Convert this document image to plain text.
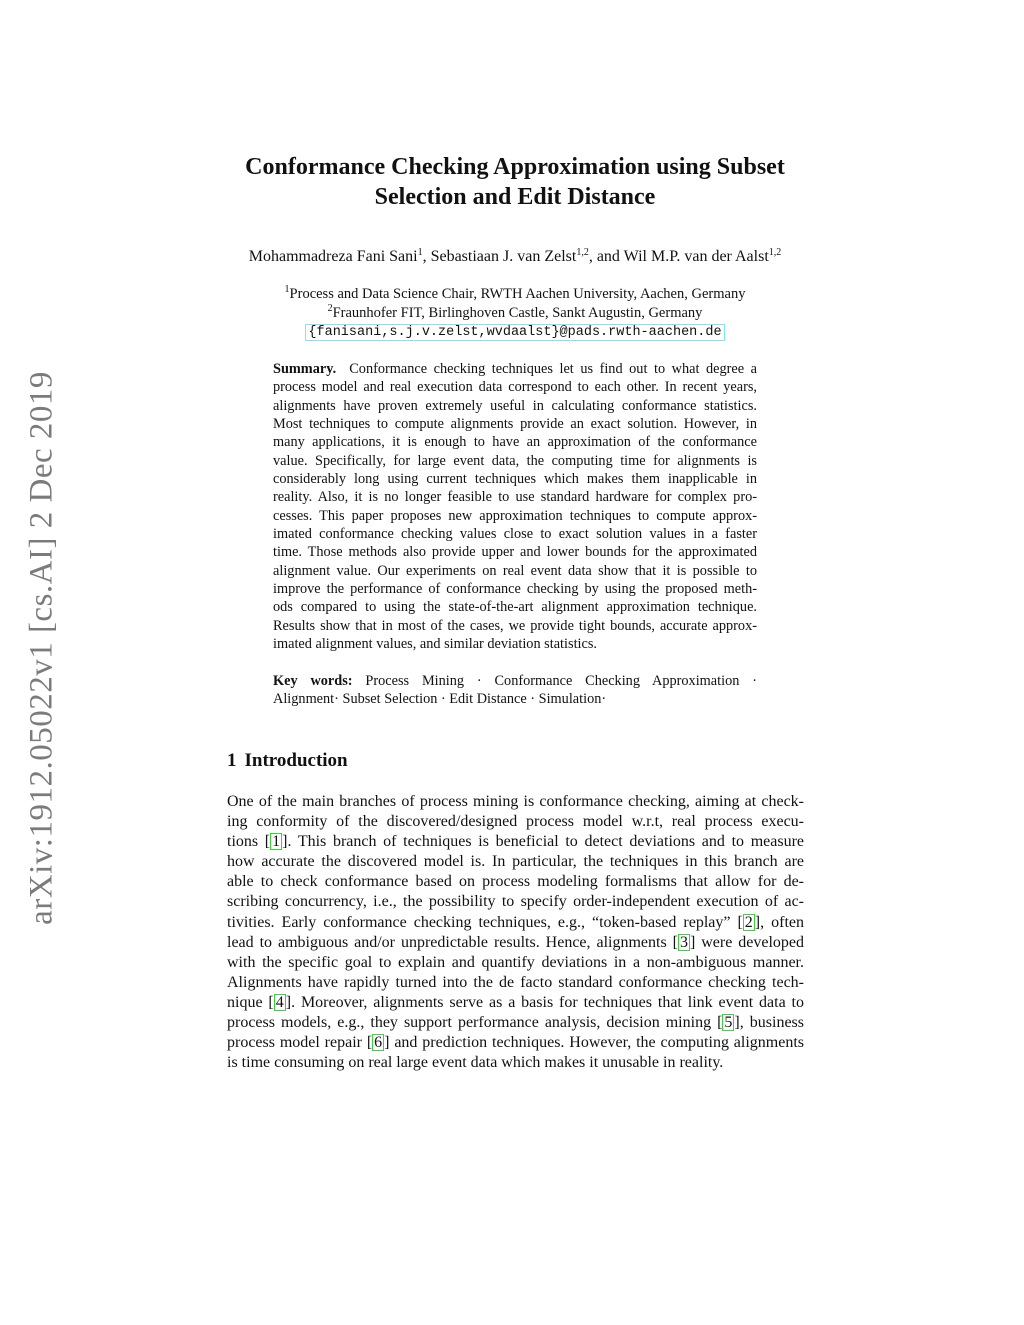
arXiv:1912.05022v1 [cs.AI] 2 Dec 2019
Conformance Checking Approximation using Subset
Selection and Edit Distance
Mohammadreza Fani Sani$^1$, Sebastiaan J. van Zelst$^{1,2}$, and Wil M.P. van der Aalst$^{1,2}$
$^1$Process and Data Science Chair, RWTH Aachen University, Aachen, Germany
$^2$Fraunhofer FIT, Birlinghoven Castle, Sankt Augustin, Germany
{fanisani,s.j.v.zelst,wvdaalst}@pads.rwth-aachen.de
Summary. Conformance checking techniques let us find out to what degree a
process model and real execution data correspond to each other. In recent years,
alignments have proven extremely useful in calculating conformance statistics.
Most techniques to compute alignments provide an exact solution. However, in
many applications, it is enough to have an approximation of the conformance
value. Specifically, for large event data, the computing time for alignments is
considerably long using current techniques which makes them inapplicable in
reality. Also, it is no longer feasible to use standard hardware for complex pro-
cesses. This paper proposes new approximation techniques to compute approx-
imated conformance checking values close to exact solution values in a faster
time. Those methods also provide upper and lower bounds for the approximated
alignment value. Our experiments on real event data show that it is possible to
improve the performance of conformance checking by using the proposed meth-
ods compared to using the state-of-the-art alignment approximation technique.
Results show that in most of the cases, we provide tight bounds, accurate approx-
imated alignment values, and similar deviation statistics.
Key words: Process Mining · Conformance Checking Approximation ·
Alignment· Subset Selection · Edit Distance · Simulation·
1 Introduction
One of the main branches of process mining is conformance checking, aiming at check-
ing conformity of the discovered/designed process model w.r.t, real process execu-
tions [ 1 ]. This branch of techniques is beneficial to detect deviations and to measure
how accurate the discovered model is. In particular, the techniques in this branch are
able to check conformance based on process modeling formalisms that allow for de-
scribing concurrency, i.e., the possibility to specify order-independent execution of ac-
tivities. Early conformance checking techniques, e.g., “token-based replay” [ 2 ], often
lead to ambiguous and/or unpredictable results. Hence, alignments [ 3 ] were developed
with the specific goal to explain and quantify deviations in a non-ambiguous manner.
Alignments have rapidly turned into the de facto standard conformance checking tech-
nique [ 4 ]. Moreover, alignments serve as a basis for techniques that link event data to
process models, e.g., they support performance analysis, decision mining [ 5 ], business
process model repair [ 6 ] and prediction techniques. However, the computing alignments
is time consuming on real large event data which makes it unusable in reality.
